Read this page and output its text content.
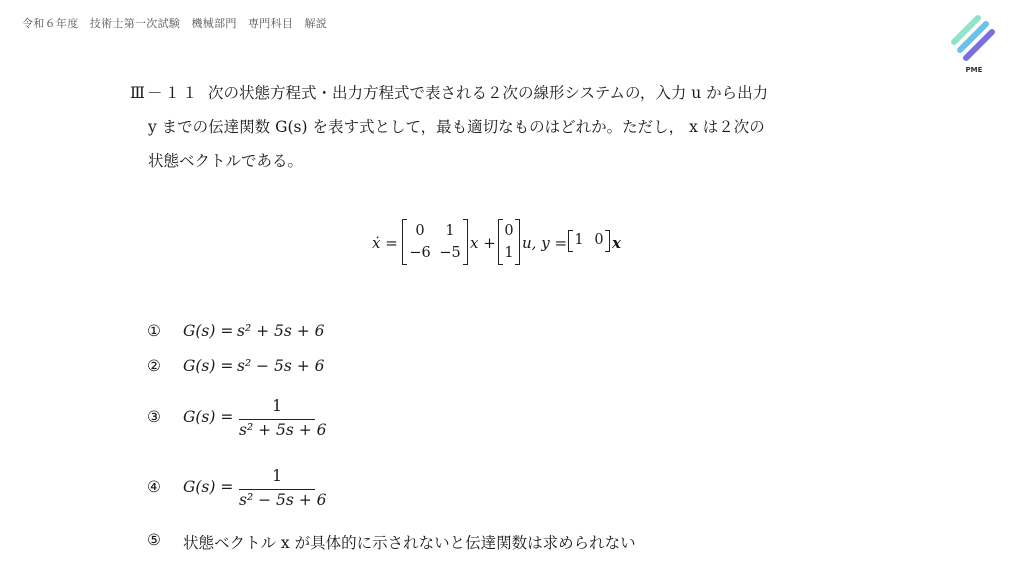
令和６年度　技術士第一次試験　機械部門　専門科目　解説
PME
Ⅲ－１１ 次の状態方程式・出力方程式で表される２次の線形システムの，入力 u から出力
y までの伝達関数 G(s) を表す式として，最も適切なものはどれか。ただし， x は２次の
状態ベクトルである。
ẋ =
0	1
−6 −5
x +
0
1
u, y = 1 0 x
①	G(s) = s² + 5s + 6
②	G(s) = s² − 5s + 6
③	G(s) =
1
s² + 5s + 6
④	G(s) =
1
s² − 5s + 6
⑤	状態ベクトル x が具体的に示されないと伝達関数は求められない
